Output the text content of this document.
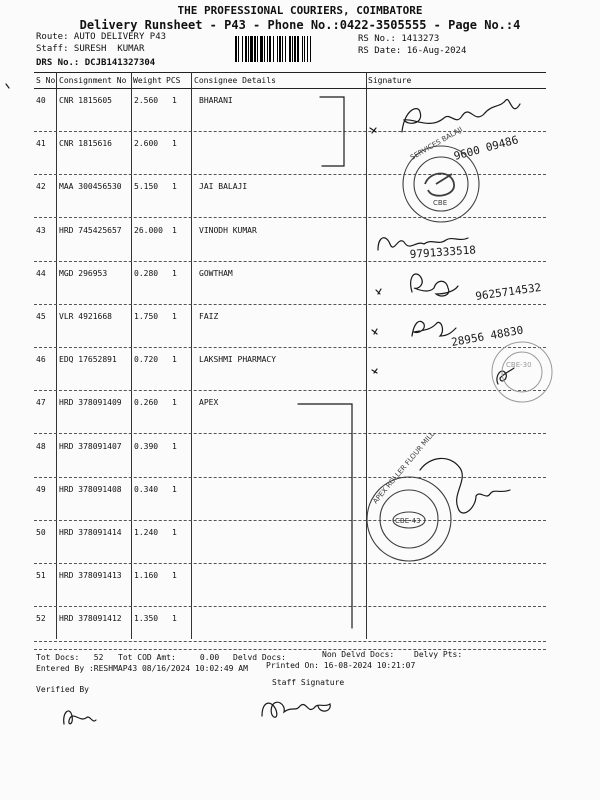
THE PROFESSIONAL COURIERS, COIMBATORE
Delivery Runsheet - P43 - Phone No.:0422-3505555 - Page No.:4
Route: AUTO DELIVERY P43
Staff: SURESH  KUMAR
DRS No.: DCJB141327304
RS No.: 1413273
RS Date: 16-Aug-2024
S No Consignment No Weight PCS Consignee Details	Signature
40 CNR 1815605	2.560 1	BHARANI
41 CNR 1815616	2.600 1
42 MAA 300456530 5.150 1	JAI BALAJI
43 HRD 745425657 26.000 1	VINODH KUMAR
44 MGD 296953	0.280 1	GOWTHAM
45 VLR 4921668	1.750 1	FAIZ
46 EDQ 17652891 0.720 1	LAKSHMI PHARMACY
47 HRD 378091409 0.260 1	APEX
48 HRD 378091407 0.390 1
49 HRD 378091408 0.340 1
50 HRD 378091414 1.240 1
51 HRD 378091413 1.160 1
52 HRD 378091412 1.350 1
9600 09486
9791333518
9625714532
28956 48830
SERVICES BALAJI
CBE
CBE-30
APEX ROLLER FLOUR MILL
CBE-43
Tot Docs:   52 Tot COD Amt:     0.00 Delvd Docs:	Non Delvd Docs: Delvy Pts:
Entered By :RESHMAP43 08/16/2024 10:02:49 AM Printed On: 16-08-2024 10:21:07
Staff Signature
Verified By
